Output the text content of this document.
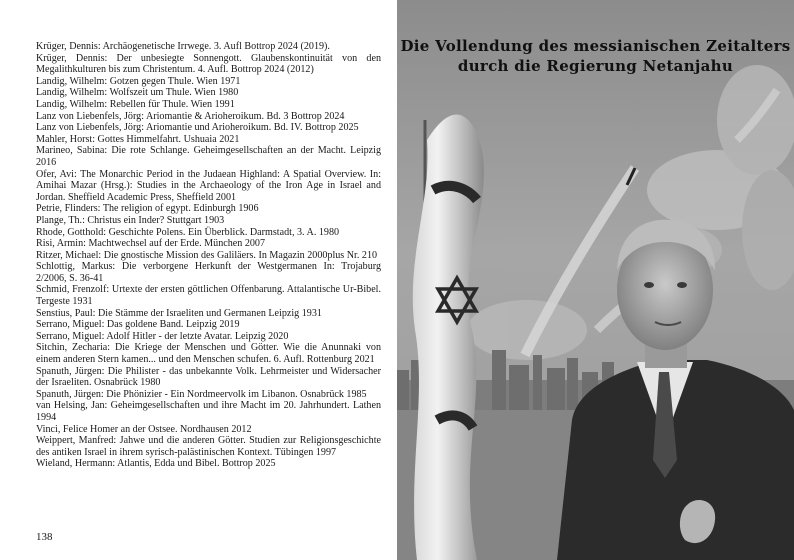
Krüger, Dennis: Archäogenetische Irrwege. 3. Aufl Bottrop 2024 (2019).
Krüger, Dennis: Der unbesiegte Sonnengott. Glaubenskontinuität von den Megalithkulturen bis zum Christentum. 4. Aufl. Bottrop 2024 (2012)
Landig, Wilhelm: Gotzen gegen Thule. Wien 1971
Landig, Wilhelm: Wolfszeit um Thule. Wien 1980
Landig, Wilhelm: Rebellen für Thule. Wien 1991
Lanz von Liebenfels, Jörg: Ariomantie & Arioheroikum. Bd. 3 Bottrop 2024
Lanz von Liebenfels, Jörg: Ariomantie und Arioheroikum. Bd. IV. Bottrop 2025
Mahler, Horst: Gottes Himmelfahrt. Ushuaia 2021
Marineo, Sabina: Die rote Schlange. Geheimgesellschaften an der Macht. Leipzig 2016
Ofer, Avi: The Monarchic Period in the Judaean Highland: A Spatial Overview. In: Amihai Mazar (Hrsg.): Studies in the Archaeology of the Iron Age in Israel and Jordan. Sheffield Academic Press, Sheffield 2001
Petrie, Flinders: The religion of egypt. Edinburgh 1906
Plange, Th.: Christus ein Inder? Stuttgart 1903
Rhode, Gotthold: Geschichte Polens. Ein Überblick. Darmstadt, 3. A. 1980
Risi, Armin: Machtwechsel auf der Erde. München 2007
Ritzer, Michael: Die gnostische Mission des Galiläers. In Magazin 2000plus Nr. 210
Schlottig, Markus: Die verborgene Herkunft der Westgermanen In: Trojaburg 2/2006, S. 36-41
Schmid, Frenzolf: Urtexte der ersten göttlichen Offenbarung. Attalantische Ur-Bibel. Tergeste 1931
Senstius, Paul: Die Stämme der Israeliten und Germanen Leipzig 1931
Serrano, Miguel: Das goldene Band. Leipzig 2019
Serrano, Miguel: Adolf Hitler - der letzte Avatar. Leipzig 2020
Sitchin, Zecharia: Die Kriege der Menschen und Götter. Wie die Anunnaki von einem anderen Stern kamen... und den Menschen schufen. 6. Aufl. Rottenburg 2021
Spanuth, Jürgen: Die Philister - das unbekannte Volk. Lehrmeister und Widersacher der Israeliten. Osnabrück 1980
Spanuth, Jürgen: Die Phönizier - Ein Nordmeervolk im Libanon. Osnabrück 1985
van Helsing, Jan: Geheimgesellschaften und ihre Macht im 20. Jahrhundert. Lathen 1994
Vinci, Felice Homer an der Ostsee. Nordhausen 2012
Weippert, Manfred: Jahwe und die anderen Götter. Studien zur Religionsgeschichte des antiken Israel in ihrem syrisch-palästinischen Kontext. Tübingen 1997
Wieland, Hermann: Atlantis, Edda und Bibel. Bottrop 2025
138
Die Vollendung des messianischen Zeitalters
durch die Regierung Netanjahu
